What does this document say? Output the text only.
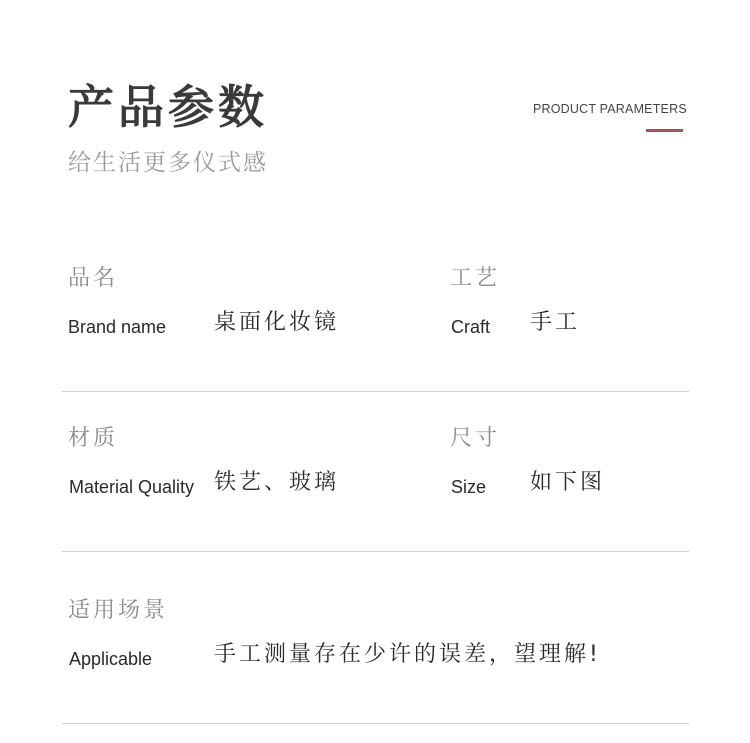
产品参数
给生活更多仪式感
PRODUCT PARAMETERS
品名
Brand name 桌面化妆镜
工艺
Craft 手工
材质
Material Quality 铁艺、玻璃
尺寸
Size 如下图
适用场景
Applicable	手工测量存在少许的误差，望理解!
